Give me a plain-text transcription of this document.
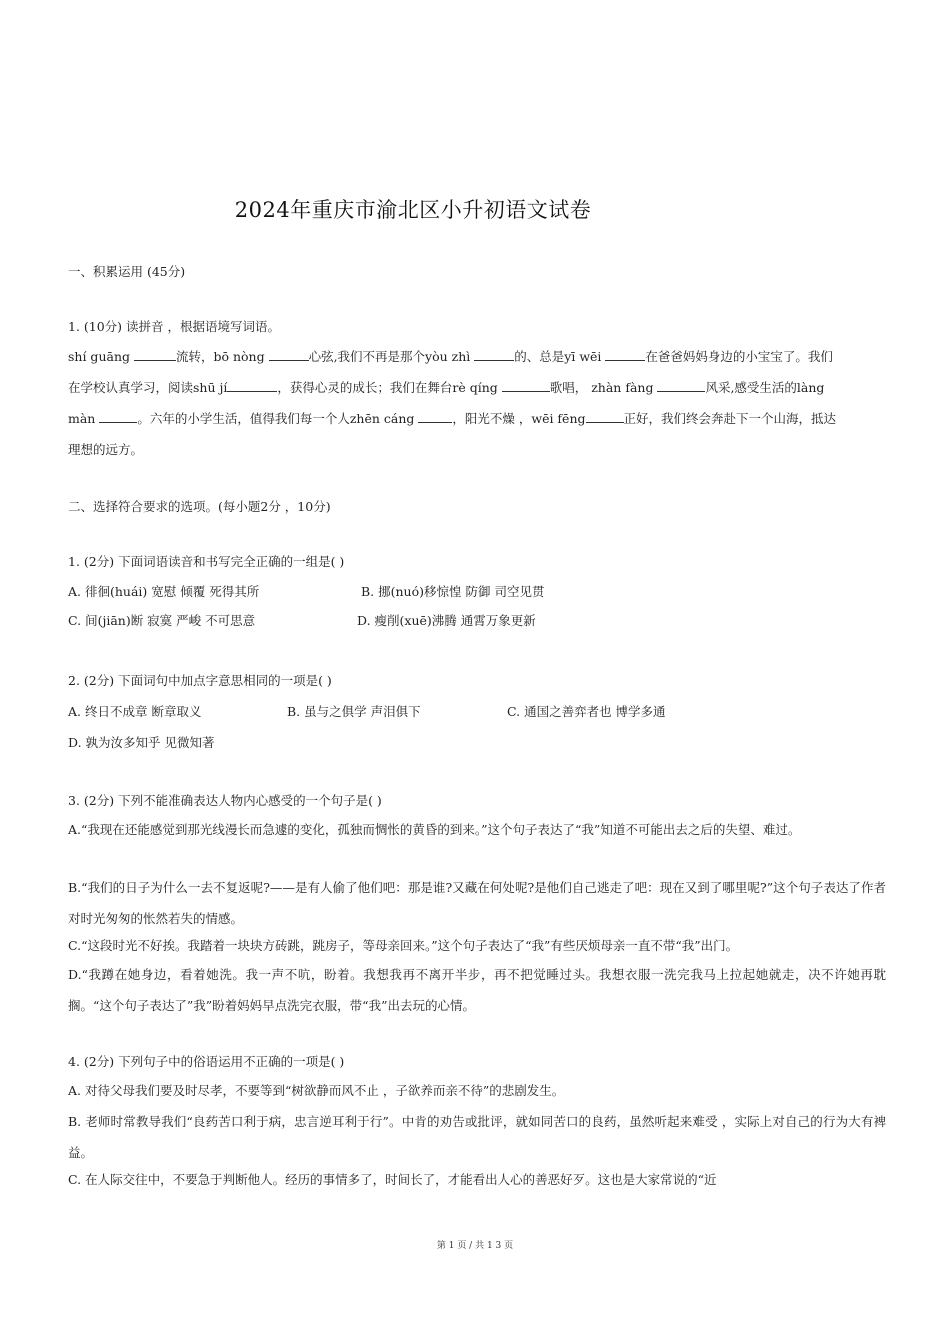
2024年重庆市渝北区小升初语文试卷
一、积累运用 (45分)
1. (10分) 读拼音 ，根据语境写词语。
shí guāng	流转，bō nòng	心弦,我们不再是那个yòu zhì	的、总是yī wēi	在爸爸妈妈身边的小宝宝了。我们
在学校认真学习，阅读shū jí	，获得心灵的成长；我们在舞台rè qíng	歌唱， zhàn fàng	风采,感受生活的làng
màn	。六年的小学生活，值得我们每一个人zhēn cáng	，阳光不燥 ，wēi fēng	正好，我们终会奔赴下一个山海，抵达
理想的远方。
二、选择符合要求的选项。(每小题2分 ，10分)
1. (2分) 下面词语读音和书写完全正确的一组是( )
A. 徘徊(huái) 宽慰 倾覆 死得其所	B. 挪(nuó)移惊惶 防御 司空见贯
C. 间(jiān)断 寂寞 严峻 不可思意	D. 瘦削(xuē)沸腾 通霄万象更新
2. (2分) 下面词句中加点字意思相同的一项是( )
A. 终日不成章 断章取义	B. 虽与之俱学 声泪俱下	C. 通国之善弈者也 博学多通
D. 孰为汝多知乎 见微知著
3. (2分) 下列不能准确表达人物内心感受的一个句子是( )
A.“我现在还能感觉到那光线漫长而急遽的变化，孤独而惆怅的黄昏的到来。”这个句子表达了“我”知道不可能出去之后的失望、难过。
B.“我们的日子为什么一去不复返呢?——是有人偷了他们吧：那是谁?又藏在何处呢?是他们自己逃走了吧：现在又到了哪里呢?”这个句子表达了作者对时光匆匆的怅然若失的情感。
C.“这段时光不好挨。我踏着一块块方砖跳，跳房子，等母亲回来。”这个句子表达了“我”有些厌烦母亲一直不带“我”出门。
D.“我蹲在她身边，看着她洗。我一声不吭，盼着。我想我再不离开半步，再不把觉睡过头。我想衣服一洗完我马上拉起她就走，决不许她再耽搁。“这个句子表达了”我”盼着妈妈早点洗完衣服，带“我”出去玩的心情。
4. (2分) 下列句子中的俗语运用不正确的一项是( )
A. 对待父母我们要及时尽孝，不要等到“树欲静而风不止 ，子欲养而亲不待”的悲剧发生。
B. 老师时常教导我们“良药苦口利于病，忠言逆耳利于行”。中肯的劝告或批评，就如同苦口的良药，虽然听起来难受 ，实际上对自己的行为大有裨益。
C. 在人际交往中，不要急于判断他人。经历的事情多了，时间长了，才能看出人心的善恶好歹。这也是大家常说的“近
第 1 页 / 共 1 3 页
